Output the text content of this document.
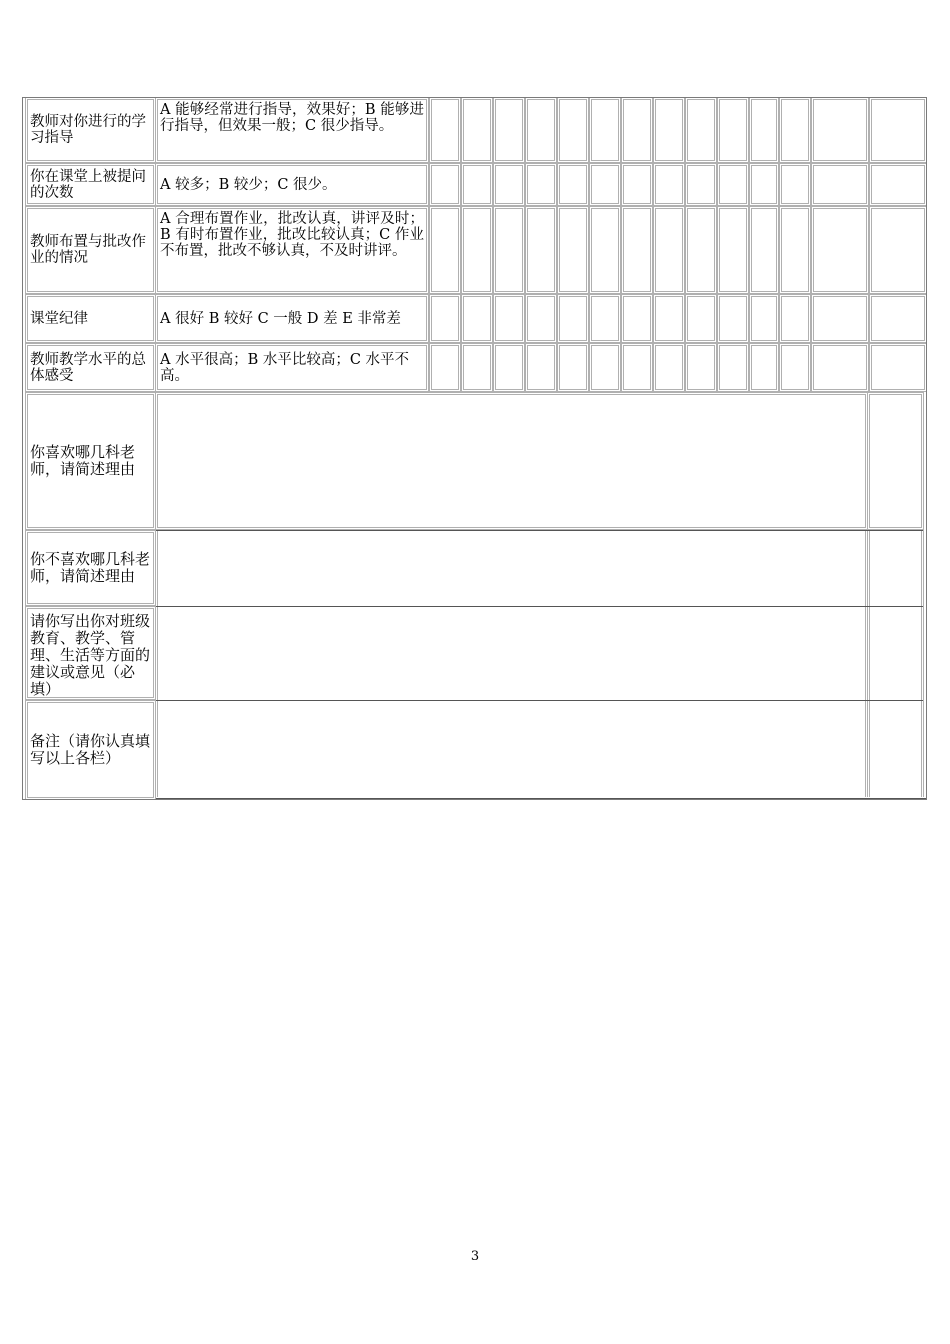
教师对你进行的学习指导
A 能够经常进行指导，效果好；B 能够进行指导，但效果一般；C 很少指导。
你在课堂上被提问的次数	A 较多；B 较少；C 很少。
教师布置与批改作业的情况
A 合理布置作业，批改认真，讲评及时；B 有时布置作业，批改比较认真；C 作业不布置，批改不够认真，不及时讲评。
课堂纪律	A 很好 B 较好 C 一般 D 差 E 非常差
教师教学水平的总体感受
A 水平很高；B 水平比较高；C 水平不高。
你喜欢哪几科老师，请简述理由
你不喜欢哪几科老师，请简述理由
请你写出你对班级教育、教学、管理、生活等方面的建议或意见（必填）
备注（请你认真填写以上各栏）
3
